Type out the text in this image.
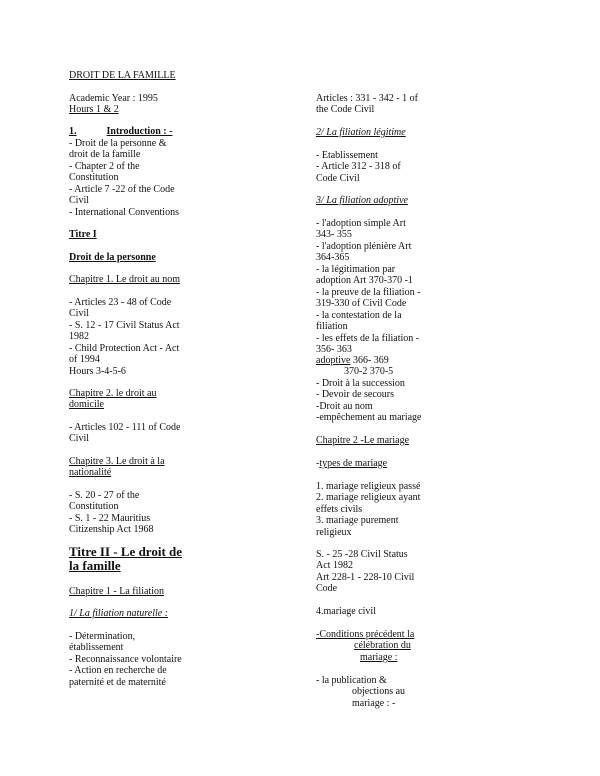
DROIT DE LA FAMILLE
Academic Year : 1995
Hours 1 & 2
1.	Introduction : -
- Droit de la personne &
droit de la famille
- Chapter 2 of the
Constitution
- Article 7 -22 of the Code
Civil
- International Conventions
Titre I
Droit de la personne
Chapitre 1. Le droit au nom
- Articles 23 - 48 of Code
Civil
- S. 12 - 17 Civil Status Act
1982
- Child Protection Act - Act
of 1994
Hours 3-4-5-6
Chapitre 2. le droit au
domicile
- Articles 102 - 111 of Code
Civil
Chapitre 3. Le droit à la
nationalité
- S. 20 - 27 of the
Constitution
- S. 1 - 22 Mauritius
Citizenship Act 1968
Titre II - Le droit de
la famille
Chapitre 1 - La filiation
1/ La filiation naturelle :
- Détermination,
établissement
- Reconnaissance volontaire
- Action en recherche de
paternité et de maternité
Articles : 331 - 342 - 1 of
the Code Civil
2/ La filiation légitime
- Etablissement
- Article 312 - 318 of
Code Civil
3/ La filiation adoptive
- l'adoption simple Art
343- 355
- l'adoption plénière Art
364-365
- la légitimation par
adoption Art 370-370 -1
- la preuve de la filiation -
319-330 of Civil Code
- la contestation de la
filiation
- les effets de la filiation -
356- 363
adoptive 366- 369
370-2 370-5
- Droit à la succession
- Devoir de secours
-Droit au nom
-empêchement au mariage
Chapitre 2 -Le mariage
-types de mariage
1. mariage religieux passé
2. mariage religieux ayant
effets civils
3. mariage purement
religieux
S. - 25 -28 Civil Status
Act 1982
Art 228-1 - 228-10 Civil
Code
4.mariage civil
-Conditions précédent la
célébration du
mariage :
- la publication &
objections au
mariage : -
